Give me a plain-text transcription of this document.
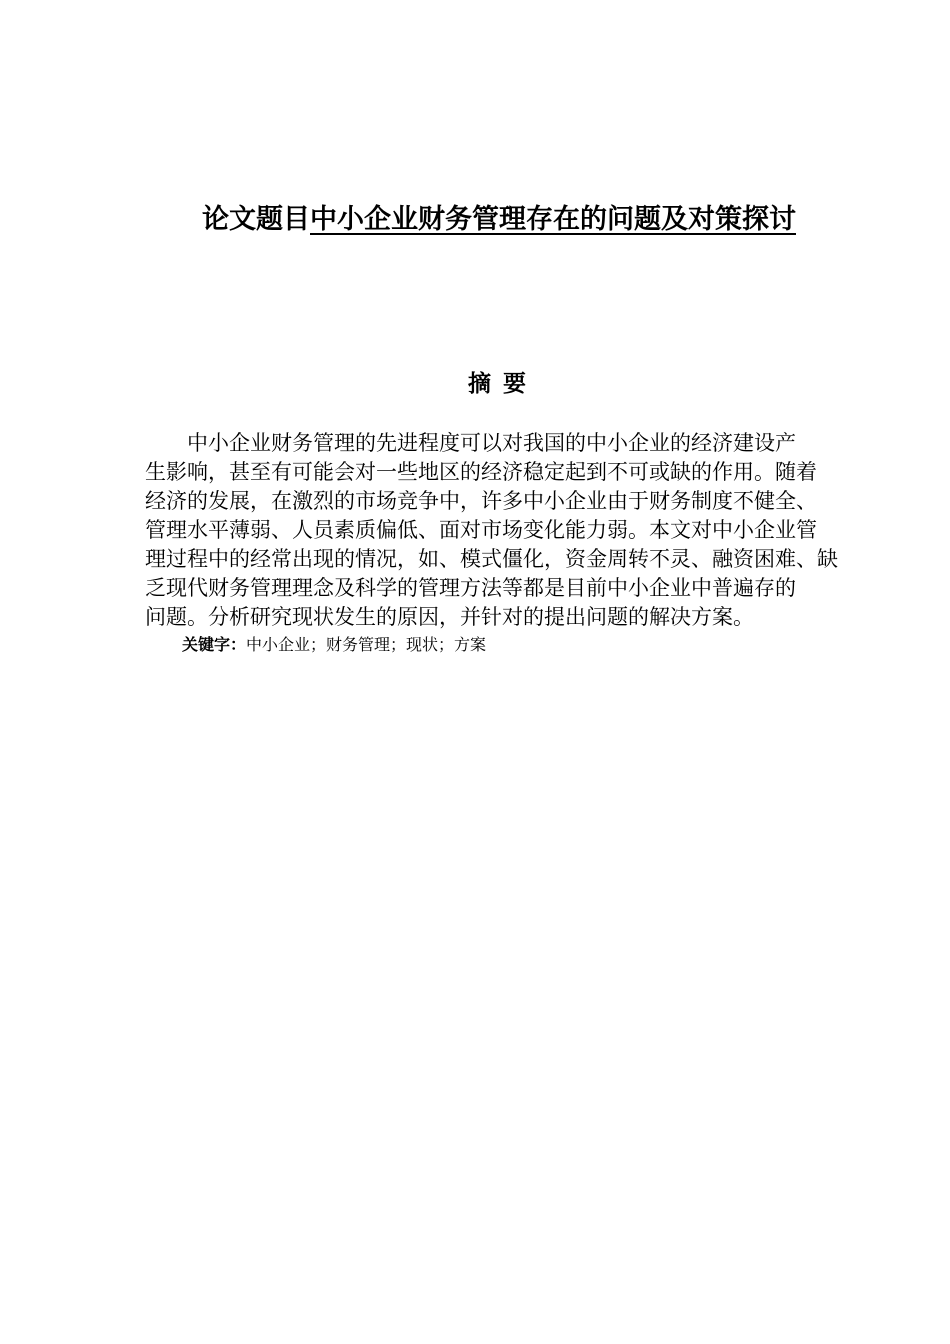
论文题目中小企业财务管理存在的问题及对策探讨
摘要
中小企业财务管理的先进程度可以对我国的中小企业的经济建设产
生影响，甚至有可能会对一些地区的经济稳定起到不可或缺的作用。随着
经济的发展，在激烈的市场竞争中，许多中小企业由于财务制度不健全、
管理水平薄弱、人员素质偏低、面对市场变化能力弱。本文对中小企业管
理过程中的经常出现的情况，如、模式僵化，资金周转不灵、融资困难、缺
乏现代财务管理理念及科学的管理方法等都是目前中小企业中普遍存的
问题。分析研究现状发生的原因，并针对的提出问题的解决方案。
关键字：中小企业；财务管理；现状；方案
